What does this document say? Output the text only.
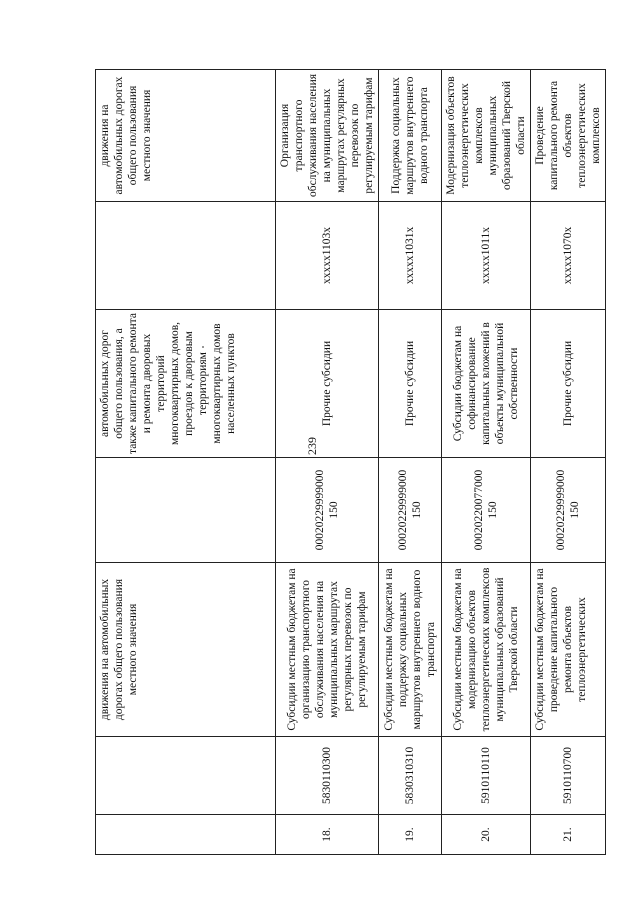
239
		движения на автомобильных дорогах общего пользования местного значения		автомобильных дорог общего пользования, а также капитального ремонта и ремонта дворовых территорий многоквартирных домов, проездов к дворовым территориям многоквартирных домов населенных пунктов		движения на автомобильных дорогах общего пользования местного значения
18.	5830110300	Субсидии местным бюджетам на организацию транспортного обслуживания населения на муниципальных маршрутах регулярных перевозок по регулируемым тарифам	00020229999000 150	Прочие субсидии	xxxxx1103x	Организация транспортного обслуживания населения на муниципальных маршрутах регулярных перевозок по регулируемым тарифам
19.	5830310310	Субсидии местным бюджетам на поддержку социальных маршрутов внутреннего водного транспорта	00020229999000 150	Прочие субсидии	xxxxx1031x	Поддержка социальных маршрутов внутреннего водного транспорта
20.	5910110110	Субсидии местным бюджетам на модернизацию объектов теплоэнергетических комплексов муниципальных образований Тверской области	00020220077000 150	Субсидии бюджетам на софинансирование капитальных вложений в объекты муниципальной собственности	xxxxx1011x	Модернизация объектов теплоэнергетических комплексов муниципальных образований Тверской области
21.	5910110700	Субсидии местным бюджетам на проведение капитального ремонта объектов теплоэнергетических	00020229999000 150	Прочие субсидии	xxxxx1070x	Проведение капитального ремонта объектов теплоэнергетических комплексов
